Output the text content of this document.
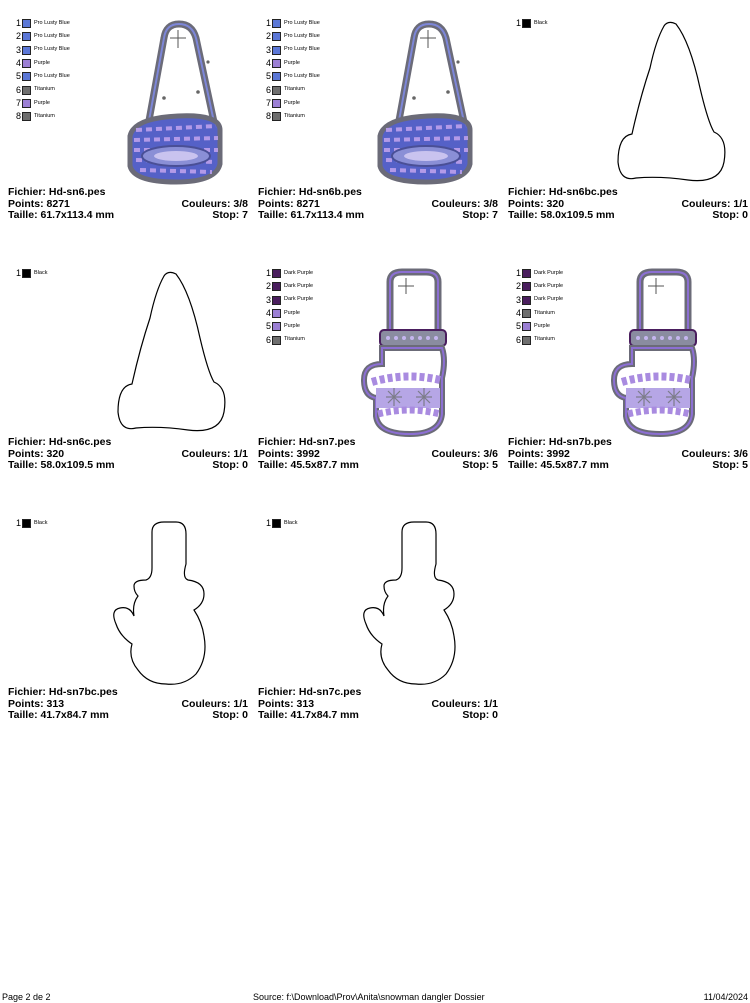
1 Pro Lusty Blue
2 Pro Lusty Blue
3 Pro Lusty Blue
4 Purple
5 Pro Lusty Blue
6 Titanium
7 Purple
8 Titanium
Fichier: Hd-sn6.pes
Points: 8271	Couleurs: 3/8
Taille: 61.7x113.4 mm	Stop: 7
1 Pro Lusty Blue
2 Pro Lusty Blue
3 Pro Lusty Blue
4 Purple
5 Pro Lusty Blue
6 Titanium
7 Purple
8 Titanium
Fichier: Hd-sn6b.pes
Points: 8271	Couleurs: 3/8
Taille: 61.7x113.4 mm	Stop: 7
1 Black
Fichier: Hd-sn6bc.pes
Points: 320	Couleurs: 1/1
Taille: 58.0x109.5 mm	Stop: 0
1 Black
Fichier: Hd-sn6c.pes
Points: 320	Couleurs: 1/1
Taille: 58.0x109.5 mm	Stop: 0
1 Dark Purple
2 Dark Purple
3 Dark Purple
4 Purple
5 Purple
6 Titanium
Fichier: Hd-sn7.pes
Points: 3992	Couleurs: 3/6
Taille: 45.5x87.7 mm	Stop: 5
1 Dark Purple
2 Dark Purple
3 Dark Purple
4 Titanium
5 Purple
6 Titanium
Fichier: Hd-sn7b.pes
Points: 3992	Couleurs: 3/6
Taille: 45.5x87.7 mm	Stop: 5
1 Black
Fichier: Hd-sn7bc.pes
Points: 313	Couleurs: 1/1
Taille: 41.7x84.7 mm	Stop: 0
1 Black
Fichier: Hd-sn7c.pes
Points: 313	Couleurs: 1/1
Taille: 41.7x84.7 mm	Stop: 0
Page 2 de 2	Source: f:\Download\Prov\Anita\snowman dangler Dossier	11/04/2024
